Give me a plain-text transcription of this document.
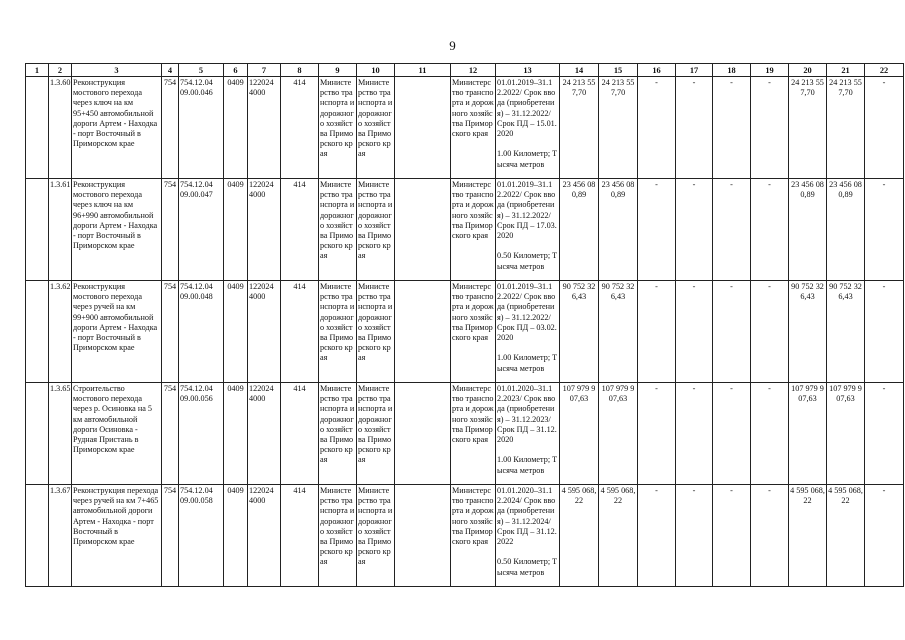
9
1	2	3	4	5	6	7	8	9	10	11	12	13	14	15	16	17	18	19	20	21	22
	1.3.60	Реконструкция мостового перехода через ключ на км 95+450 автомобильной дороги Артем - Находка - порт Восточный в Приморском крае	754	754.12.04 09.00.046	0409	122024 4000	414	Министерство транспорта и дорожного хозяйства Приморского края	Министерство транспорта и дорожного хозяйства Приморского края		Министерство транспорта и дорожного хозяйства Приморского края	01.01.2019–31.12.2022/ Срок ввода (приобретения) – 31.12.2022/ Срок ПД – 15.01.2020

1.00 Километр; Тысяча метров	24 213 557,70	24 213 557,70	-	-	-	-	24 213 557,70	24 213 557,70	-
	1.3.61	Реконструкция мостового перехода через ключ на км 96+990 автомобильной дороги Артем - Находка - порт Восточный в Приморском крае	754	754.12.04 09.00.047	0409	122024 4000	414	Министерство транспорта и дорожного хозяйства Приморского края	Министерство транспорта и дорожного хозяйства Приморского края		Министерство транспорта и дорожного хозяйства Приморского края	01.01.2019–31.12.2022/ Срок ввода (приобретения) – 31.12.2022/ Срок ПД – 17.03.2020

0.50 Километр; Тысяча метров	23 456 080,89	23 456 080,89	-	-	-	-	23 456 080,89	23 456 080,89	-
	1.3.62	Реконструкция мостового перехода через ручей на км 99+900 автомобильной дороги Артем - Находка - порт Восточный в Приморском крае	754	754.12.04 09.00.048	0409	122024 4000	414	Министерство транспорта и дорожного хозяйства Приморского края	Министерство транспорта и дорожного хозяйства Приморского края		Министерство транспорта и дорожного хозяйства Приморского края	01.01.2019–31.12.2022/ Срок ввода (приобретения) – 31.12.2022/ Срок ПД – 03.02.2020

1.00 Километр; Тысяча метров	90 752 326,43	90 752 326,43	-	-	-	-	90 752 326,43	90 752 326,43	-
	1.3.65	Строительство мостового перехода через р. Осиновка на 5 км автомобильной дороги Осиновка - Рудная Пристань в Приморском крае	754	754.12.04 09.00.056	0409	122024 4000	414	Министерство транспорта и дорожного хозяйства Приморского края	Министерство транспорта и дорожного хозяйства Приморского края		Министерство транспорта и дорожного хозяйства Приморского края	01.01.2020–31.12.2023/ Срок ввода (приобретения) – 31.12.2023/ Срок ПД – 31.12.2020

1.00 Километр; Тысяча метров	107 979 907,63	107 979 907,63	-	-	-	-	107 979 907,63	107 979 907,63	-
	1.3.67	Реконструкция перехода через ручей на км 7+465 автомобильной дороги Артем - Находка - порт Восточный в Приморском крае	754	754.12.04 09.00.058	0409	122024 4000	414	Министерство транспорта и дорожного хозяйства Приморского края	Министерство транспорта и дорожного хозяйства Приморского края		Министерство транспорта и дорожного хозяйства Приморского края	01.01.2020–31.12.2024/ Срок ввода (приобретения) – 31.12.2024/ Срок ПД – 31.12.2022

0.50 Километр; Тысяча метров	4 595 068,22	4 595 068,22	-	-	-	-	4 595 068,22	4 595 068,22	-
